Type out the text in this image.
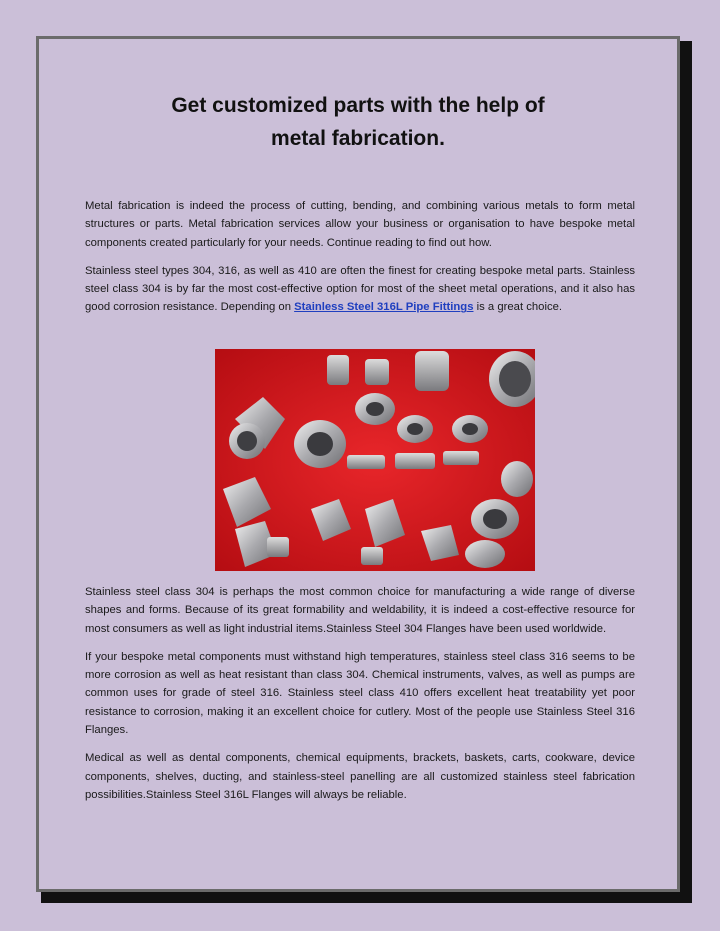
Get customized parts with the help of
metal fabrication.

Metal fabrication is indeed the process of cutting, bending, and combining various metals to form metal structures or parts. Metal fabrication services allow your business or organisation to have bespoke metal components created particularly for your needs. Continue reading to find out how.

Stainless steel types 304, 316, as well as 410 are often the finest for creating bespoke metal parts. Stainless steel class 304 is by far the most cost-effective option for most of the sheet metal operations, and it also has good corrosion resistance. Depending on Stainless Steel 316L Pipe Fittings is a great choice.

Stainless steel class 304 is perhaps the most common choice for manufacturing a wide range of diverse shapes and forms. Because of its great formability and weldability, it is indeed a cost-effective resource for most consumers as well as light industrial items.Stainless Steel 304 Flanges have been used worldwide.

If your bespoke metal components must withstand high temperatures, stainless steel class 316 seems to be more corrosion as well as heat resistant than class 304. Chemical instruments, valves, as well as pumps are common uses for grade of steel 316. Stainless steel class 410 offers excellent heat treatability yet poor resistance to corrosion, making it an excellent choice for cutlery. Most of the people use Stainless Steel 316 Flanges.

Medical as well as dental components, chemical equipments, brackets, baskets, carts, cookware, device components, shelves, ducting, and stainless-steel panelling are all customized stainless steel fabrication possibilities.Stainless Steel 316L Flanges will always be reliable.
